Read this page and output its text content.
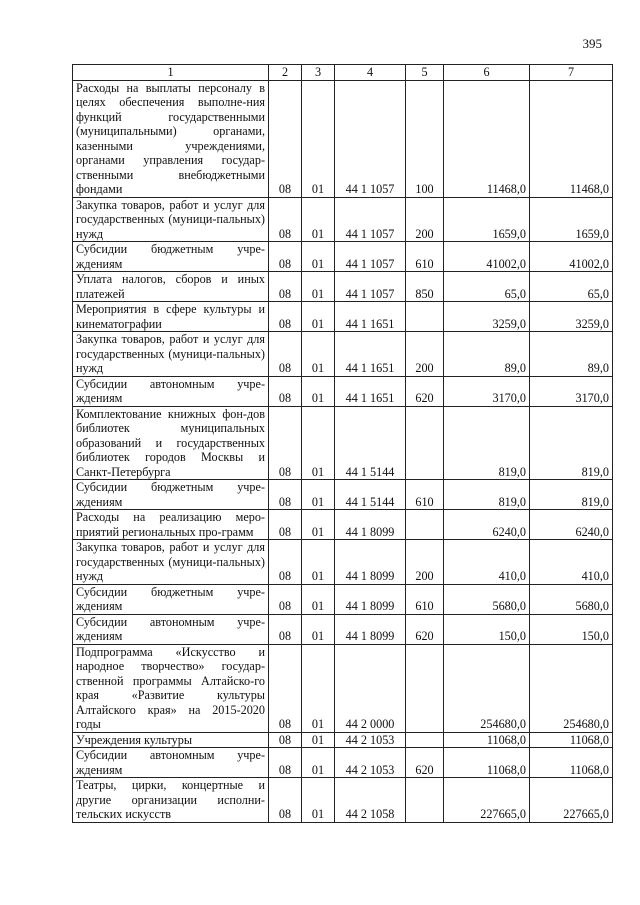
395
1	2	3	4	5	6	7
Расходы на выплаты персоналу в целях обеспечения выполне-ния функций государственными (муниципальными) органами, казенными учреждениями, органами управления государ-ственными внебюджетными фондами	08	01	44 1 1057	100	11468,0	11468,0
Закупка товаров, работ и услуг для государственных (муници-пальных) нужд	08	01	44 1 1057	200	1659,0	1659,0
Субсидии бюджетным учре-ждениям	08	01	44 1 1057	610	41002,0	41002,0
Уплата налогов, сборов и иных платежей	08	01	44 1 1057	850	65,0	65,0
Мероприятия в сфере культуры и кинематографии	08	01	44 1 1651		3259,0	3259,0
Закупка товаров, работ и услуг для государственных (муници-пальных) нужд	08	01	44 1 1651	200	89,0	89,0
Субсидии автономным учре-ждениям	08	01	44 1 1651	620	3170,0	3170,0
Комплектование книжных фон-дов библиотек муниципальных образований и государственных библиотек городов Москвы и Санкт-Петербурга	08	01	44 1 5144		819,0	819,0
Субсидии бюджетным учре-ждениям	08	01	44 1 5144	610	819,0	819,0
Расходы на реализацию меро-приятий региональных про-грамм	08	01	44 1 8099		6240,0	6240,0
Закупка товаров, работ и услуг для государственных (муници-пальных) нужд	08	01	44 1 8099	200	410,0	410,0
Субсидии бюджетным учре-ждениям	08	01	44 1 8099	610	5680,0	5680,0
Субсидии автономным учре-ждениям	08	01	44 1 8099	620	150,0	150,0
Подпрограмма «Искусство и народное творчество» государ-ственной программы Алтайско-го края «Развитие культуры Алтайского края» на 2015-2020 годы	08	01	44 2 0000		254680,0	254680,0
Учреждения культуры	08	01	44 2 1053		11068,0	11068,0
Субсидии автономным учре-ждениям	08	01	44 2 1053	620	11068,0	11068,0
Театры, цирки, концертные и другие организации исполни-тельских искусств	08	01	44 2 1058		227665,0	227665,0
